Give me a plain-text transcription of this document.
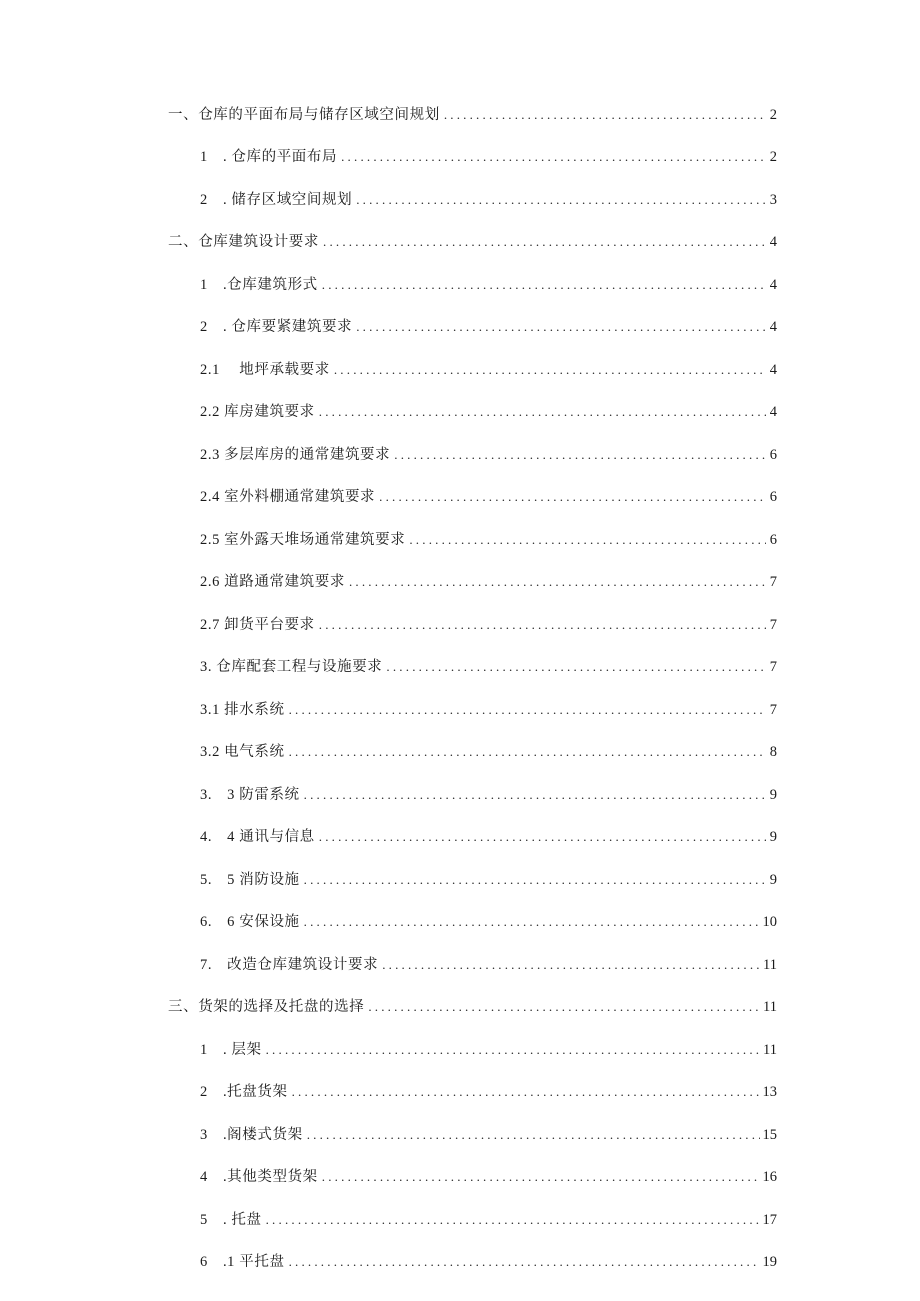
一、仓库的平面布局与储存区域空间规划 .....	2
1　. 仓库的平面布局 .....	2
2　. 储存区域空间规划 .....	3
二、仓库建筑设计要求 .....	4
1　.仓库建筑形式 .....	4
2　. 仓库要紧建筑要求 .....	4
2.1　 地坪承载要求 .....	4
2.2 库房建筑要求 .....	4
2.3 多层库房的通常建筑要求 .....	6
2.4 室外料棚通常建筑要求 .....	6
2.5 室外露天堆场通常建筑要求 .....	6
2.6 道路通常建筑要求 .....	7
2.7 卸货平台要求 .....	7
3. 仓库配套工程与设施要求 .....	7
3.1 排水系统 .....	7
3.2 电气系统 .....	8
3.　3 防雷系统 .....	9
4.　4 通讯与信息 .....	9
5.　5 消防设施 .....	9
6.　6 安保设施 .....	10
7.　改造仓库建筑设计要求 .....	11
三、货架的选择及托盘的选择 .....	11
1　. 层架 .....	11
2　.托盘货架 .....	13
3　.阁楼式货架 .....	15
4　.其他类型货架 .....	16
5　. 托盘 .....	17
6　.1 平托盘 .....	19
